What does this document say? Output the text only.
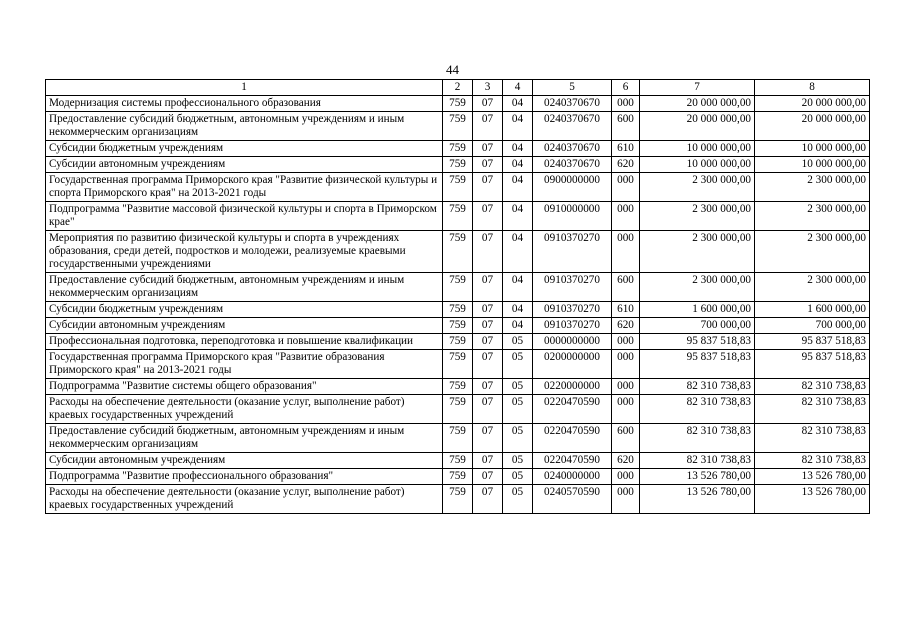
44
1	2	3	4	5	6	7	8
Модернизация системы профессионального образования	759	07	04	0240370670	000	20 000 000,00	20 000 000,00
Предоставление субсидий бюджетным, автономным учреждениям и иным некоммерческим организациям	759	07	04	0240370670	600	20 000 000,00	20 000 000,00
Субсидии бюджетным учреждениям	759	07	04	0240370670	610	10 000 000,00	10 000 000,00
Субсидии автономным учреждениям	759	07	04	0240370670	620	10 000 000,00	10 000 000,00
Государственная программа Приморского края "Развитие физической культуры и спорта Приморского края" на 2013-2021 годы	759	07	04	0900000000	000	2 300 000,00	2 300 000,00
Подпрограмма "Развитие массовой физической культуры и спорта в Приморском крае"	759	07	04	0910000000	000	2 300 000,00	2 300 000,00
Мероприятия по развитию физической культуры и спорта в учреждениях образования, среди детей, подростков и молодежи, реализуемые краевыми государственными учреждениями	759	07	04	0910370270	000	2 300 000,00	2 300 000,00
Предоставление субсидий бюджетным, автономным учреждениям и иным некоммерческим организациям	759	07	04	0910370270	600	2 300 000,00	2 300 000,00
Субсидии бюджетным учреждениям	759	07	04	0910370270	610	1 600 000,00	1 600 000,00
Субсидии автономным учреждениям	759	07	04	0910370270	620	700 000,00	700 000,00
Профессиональная подготовка, переподготовка и повышение квалификации	759	07	05	0000000000	000	95 837 518,83	95 837 518,83
Государственная программа Приморского края "Развитие образования Приморского края" на 2013-2021 годы	759	07	05	0200000000	000	95 837 518,83	95 837 518,83
Подпрограмма "Развитие системы общего образования"	759	07	05	0220000000	000	82 310 738,83	82 310 738,83
Расходы на обеспечение деятельности (оказание услуг, выполнение работ) краевых государственных учреждений	759	07	05	0220470590	000	82 310 738,83	82 310 738,83
Предоставление субсидий бюджетным, автономным учреждениям и иным некоммерческим организациям	759	07	05	0220470590	600	82 310 738,83	82 310 738,83
Субсидии автономным учреждениям	759	07	05	0220470590	620	82 310 738,83	82 310 738,83
Подпрограмма "Развитие профессионального образования"	759	07	05	0240000000	000	13 526 780,00	13 526 780,00
Расходы на обеспечение деятельности (оказание услуг, выполнение работ) краевых государственных учреждений	759	07	05	0240570590	000	13 526 780,00	13 526 780,00
